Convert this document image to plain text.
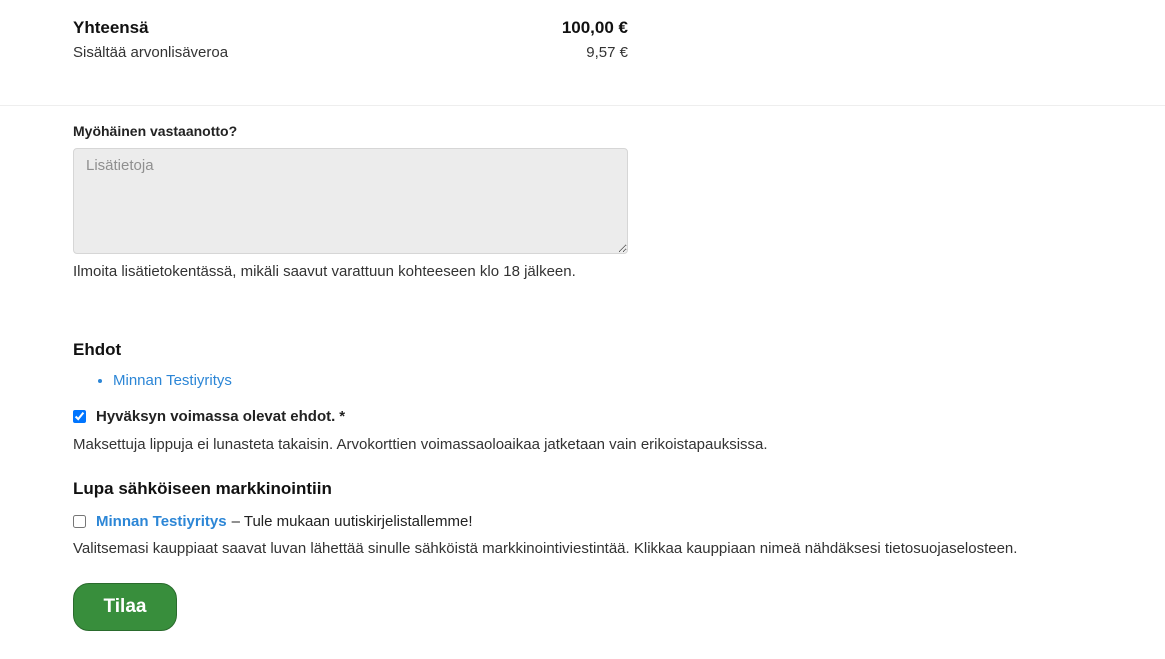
Yhteensä	100,00 €
Sisältää arvonlisäveroa	9,57 €
Myöhäinen vastaanotto?
Lisätietoja
Ilmoita lisätietokentässä, mikäli saavut varattuun kohteeseen klo 18 jälkeen.
Ehdot
• Minnan Testiyritys
Hyväksyn voimassa olevat ehdot. *
Maksettuja lippuja ei lunasteta takaisin. Arvokorttien voimassaoloaikaa jatketaan vain erikoistapauksissa.
Lupa sähköiseen markkinointiin
Minnan Testiyritys – Tule mukaan uutiskirjelistallemme!
Valitsemasi kauppiaat saavat luvan lähettää sinulle sähköistä markkinointiviestintää. Klikkaa kauppiaan nimeä nähdäksesi tietosuojaselosteen.
Tilaa
